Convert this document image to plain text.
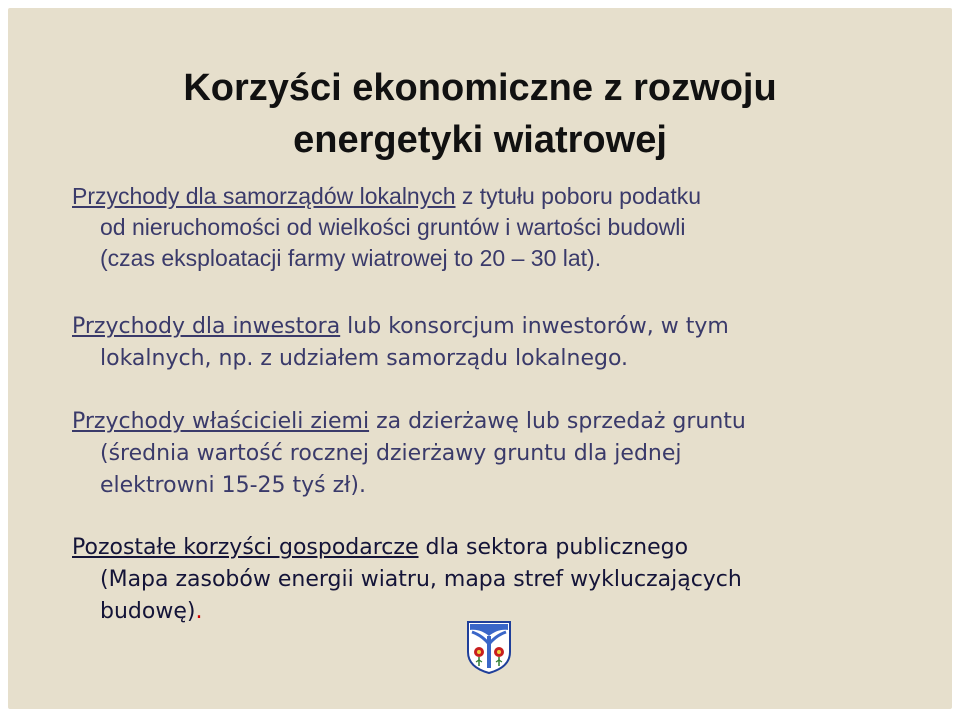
Korzyści ekonomiczne z rozwoju
energetyki wiatrowej
Przychody dla samorządów lokalnych z tytułu poboru podatku
od nieruchomości od wielkości gruntów i wartości budowli
(czas eksploatacji farmy wiatrowej to 20 – 30 lat).
Przychody dla inwestora lub konsorcjum inwestorów, w tym
lokalnych, np. z udziałem samorządu lokalnego.
Przychody właścicieli ziemi za dzierżawę lub sprzedaż gruntu
(średnia wartość rocznej dzierżawy gruntu dla jednej
elektrowni 15-25 tyś zł).
Pozostałe korzyści gospodarcze dla sektora publicznego
(Mapa zasobów energii wiatru, mapa stref wykluczających
budowę).
